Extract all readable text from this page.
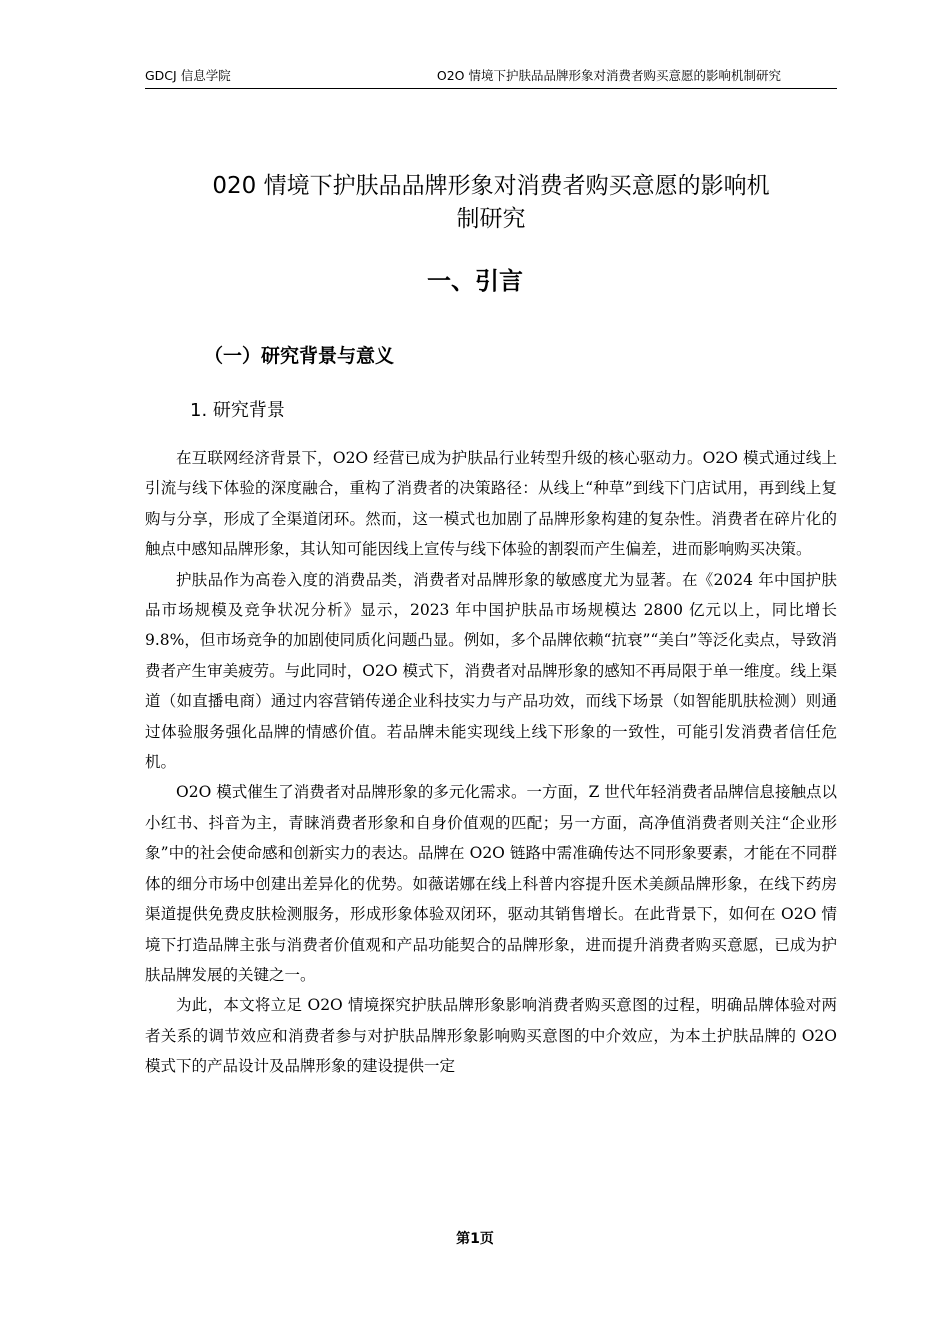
GDCJ 信息学院	O2O 情境下护肤品品牌形象对消费者购买意愿的影响机制研究
020 情境下护肤品品牌形象对消费者购买意愿的影响机
制研究
一、引言
（一）研究背景与意义
1. 研究背景

在互联网经济背景下，O2O 经营已成为护肤品行业转型升级的核心驱动力。O2O 模式通过线上引流与线下体验的深度融合，重构了消费者的决策路径：从线上“种草”到线下门店试用，再到线上复购与分享，形成了全渠道闭环。然而，这一模式也加剧了品牌形象构建的复杂性。消费者在碎片化的触点中感知品牌形象，其认知可能因线上宣传与线下体验的割裂而产生偏差，进而影响购买决策。

护肤品作为高卷入度的消费品类，消费者对品牌形象的敏感度尤为显著。在《2024 年中国护肤品市场规模及竞争状况分析》显示，2023 年中国护肤品市场规模达 2800 亿元以上，同比增长 9.8%，但市场竞争的加剧使同质化问题凸显。例如，多个品牌依赖“抗衰”“美白”等泛化卖点，导致消费者产生审美疲劳。与此同时，O2O 模式下，消费者对品牌形象的感知不再局限于单一维度。线上渠道（如直播电商）通过内容营销传递企业科技实力与产品功效，而线下场景（如智能肌肤检测）则通过体验服务强化品牌的情感价值。若品牌未能实现线上线下形象的一致性，可能引发消费者信任危机。

O2O 模式催生了消费者对品牌形象的多元化需求。一方面，Z 世代年轻消费者品牌信息接触点以小红书、抖音为主，青睐消费者形象和自身价值观的匹配；另一方面，高净值消费者则关注“企业形象”中的社会使命感和创新实力的表达。品牌在 O2O 链路中需准确传达不同形象要素，才能在不同群体的细分市场中创建出差异化的优势。如薇诺娜在线上科普内容提升医术美颜品牌形象，在线下药房渠道提供免费皮肤检测服务，形成形象体验双闭环，驱动其销售增长。在此背景下，如何在 O2O 情境下打造品牌主张与消费者价值观和产品功能契合的品牌形象，进而提升消费者购买意愿，已成为护肤品牌发展的关键之一。

为此，本文将立足 O2O 情境探究护肤品牌形象影响消费者购买意图的过程，明确品牌体验对两者关系的调节效应和消费者参与对护肤品牌形象影响购买意图的中介效应，为本土护肤品牌的 O2O 模式下的产品设计及品牌形象的建设提供一定

第1页
